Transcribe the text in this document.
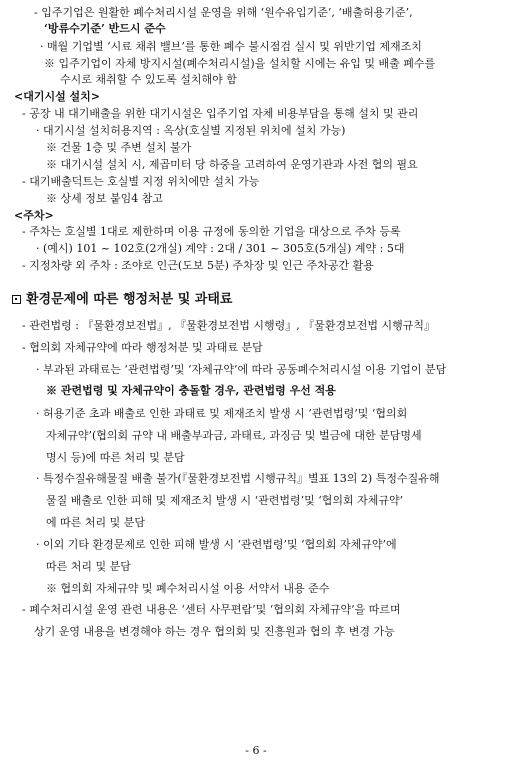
- 입주기업은 원활한 폐수처리시설 운영을 위해 ‘원수유입기준’, ‘배출허용기준’,
‘방류수기준’ 반드시 준수
· 매월 기업별 ‘시료 채취 밸브’를 통한 폐수 불시점검 실시 및 위반기업 제재조치
※ 입주기업이 자체 방지시설(폐수처리시설)을 설치할 시에는 유입 및 배출 폐수를
수시로 채취할 수 있도록 설치해야 함
<대기시설 설치>
- 공장 내 대기배출을 위한 대기시설은 입주기업 자체 비용부담을 통해 설치 및 관리
· 대기시설 설치허용지역 : 옥상(호실별 지정된 위치에 설치 가능)
※ 건물 1층 및 주변 설치 불가
※ 대기시설 설치 시, 제곱미터 당 하중을 고려하여 운영기관과 사전 협의 필요
- 대기배출덕트는 호실별 지정 위치에만 설치 가능
※ 상세 정보 붙임4 참고
<주차>
- 주차는 호실별 1대로 제한하며 이용 규정에 동의한 기업을 대상으로 주차 등록
· (예시) 101 ~ 102호(2개실) 계약 : 2대 / 301 ~ 305호(5개실) 계약 : 5대
- 지정차량 외 주차 : 조야로 인근(도보 5분) 주차장 및 인근 주차공간 활용
환경문제에 따른 행정처분 및 과태료
- 관련법령 : 『물환경보전법』, 『물환경보전법 시행령』, 『물환경보전법 시행규칙』
- 협의회 자체규약에 따라 행정처분 및 과태료 분담
· 부과된 과태료는 ‘관련법령’및 ‘자체규약’에 따라 공동폐수처리시설 이용 기업이 분담
※ 관련법령 및 자체규약이 충돌할 경우, 관련법령 우선 적용
· 허용기준 초과 배출로 인한 과태료 및 제재조치 발생 시 ‘관련법령’및 ‘협의회
자체규약’(협의회 규약 내 배출부과금, 과태료, 과징금 및 벌금에 대한 분담명세
명시 등)에 따른 처리 및 분담
· 특정수질유해물질 배출 불가(『물환경보전법 시행규칙』별표 13의 2) 특정수질유해
물질 배출로 인한 피해 및 제재조치 발생 시 ‘관련법령’및 ‘협의회 자체규약’
에 따른 처리 및 분담
· 이외 기타 환경문제로 인한 피해 발생 시 ‘관련법령’및 ‘협의회 자체규약’에
따른 처리 및 분담
※ 협의회 자체규약 및 폐수처리시설 이용 서약서 내용 준수
- 폐수처리시설 운영 관련 내용은 ‘센터 사무편람’및 ‘협의회 자체규약’을 따르며
상기 운영 내용을 변경해야 하는 경우 협의회 및 진흥원과 협의 후 변경 가능
- 6 -
